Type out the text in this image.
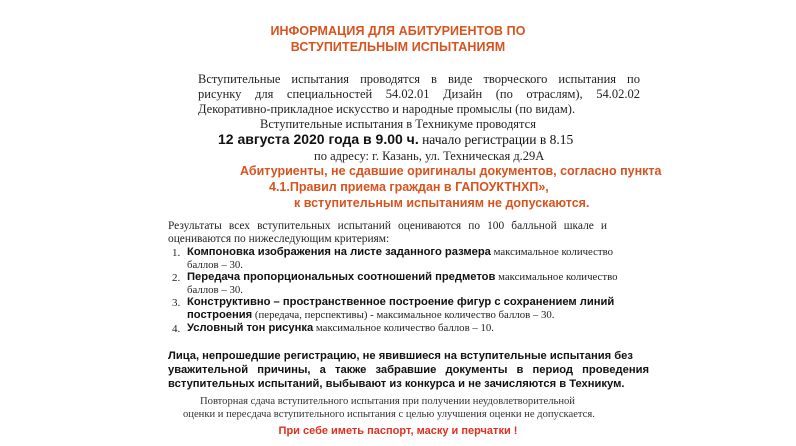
ИНФОРМАЦИЯ ДЛЯ АБИТУРИЕНТОВ ПО
ВСТУПИТЕЛЬНЫМ ИСПЫТАНИЯМ
Вступительные испытания проводятся в виде творческого испытания по
рисунку для специальностей 54.02.01 Дизайн (по отраслям), 54.02.02
Декоративно-прикладное искусство и народные промыслы (по видам).
Вступительные испытания в Техникуме проводятся
12 августа 2020 года в 9.00 ч. начало регистрации в 8.15
по адресу: г. Казань, ул. Техническая д.29А
Абитуриенты, не сдавшие оригиналы документов, согласно пункта
4.1.Правил приема граждан в ГАПОУКТНХП»,
к вступительным испытаниям не допускаются.
Результаты всех вступительных испытаний оцениваются по 100 балльной шкале и
оцениваются по нижеследующим критериям:
1. Компоновка изображения на листе заданного размера максимальное количество
баллов – 30.
2. Передача пропорциональных соотношений предметов максимальное количество
баллов – 30.
3. Конструктивно – пространственное построение фигур с сохранением линий
построения (передача, перспективы) - максимальное количество баллов – 30.
4. Условный тон рисунка максимальное количество баллов – 10.
Лица, непрошедшие регистрацию, не явившиеся на вступительные испытания без
уважительной причины, а также забравшие документы в период проведения
вступительных испытаний, выбывают из конкурса и не зачисляются в Техникум.
Повторная сдача вступительного испытания при получении неудовлетворительной
оценки и пересдача вступительного испытания с целью улучшения оценки не допускается.
При себе иметь паспорт, маску и перчатки !
